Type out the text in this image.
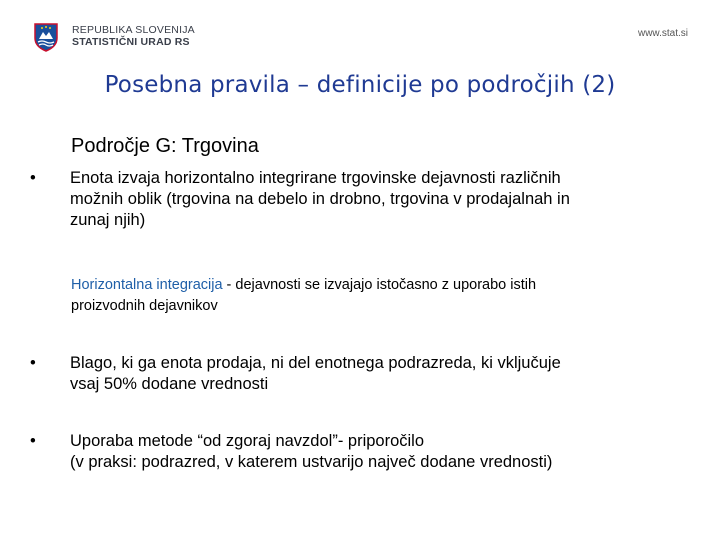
REPUBLIKA SLOVENIJA
STATISTIČNI URAD RS
www.stat.si
Posebna pravila – definicije po področjih (2)
Področje G: Trgovina
• Enota izvaja horizontalno integrirane trgovinske dejavnosti različnih
možnih oblik (trgovina na debelo in drobno, trgovina v prodajalnah in
zunaj njih)
Horizontalna integracija - dejavnosti se izvajajo istočasno z uporabo istih
proizvodnih dejavnikov
• Blago, ki ga enota prodaja, ni del enotnega podrazreda, ki vključuje
vsaj 50% dodane vrednosti
• Uporaba metode “od zgoraj navzdol”- priporočilo
(v praksi: podrazred, v katerem ustvarijo največ dodane vrednosti)
